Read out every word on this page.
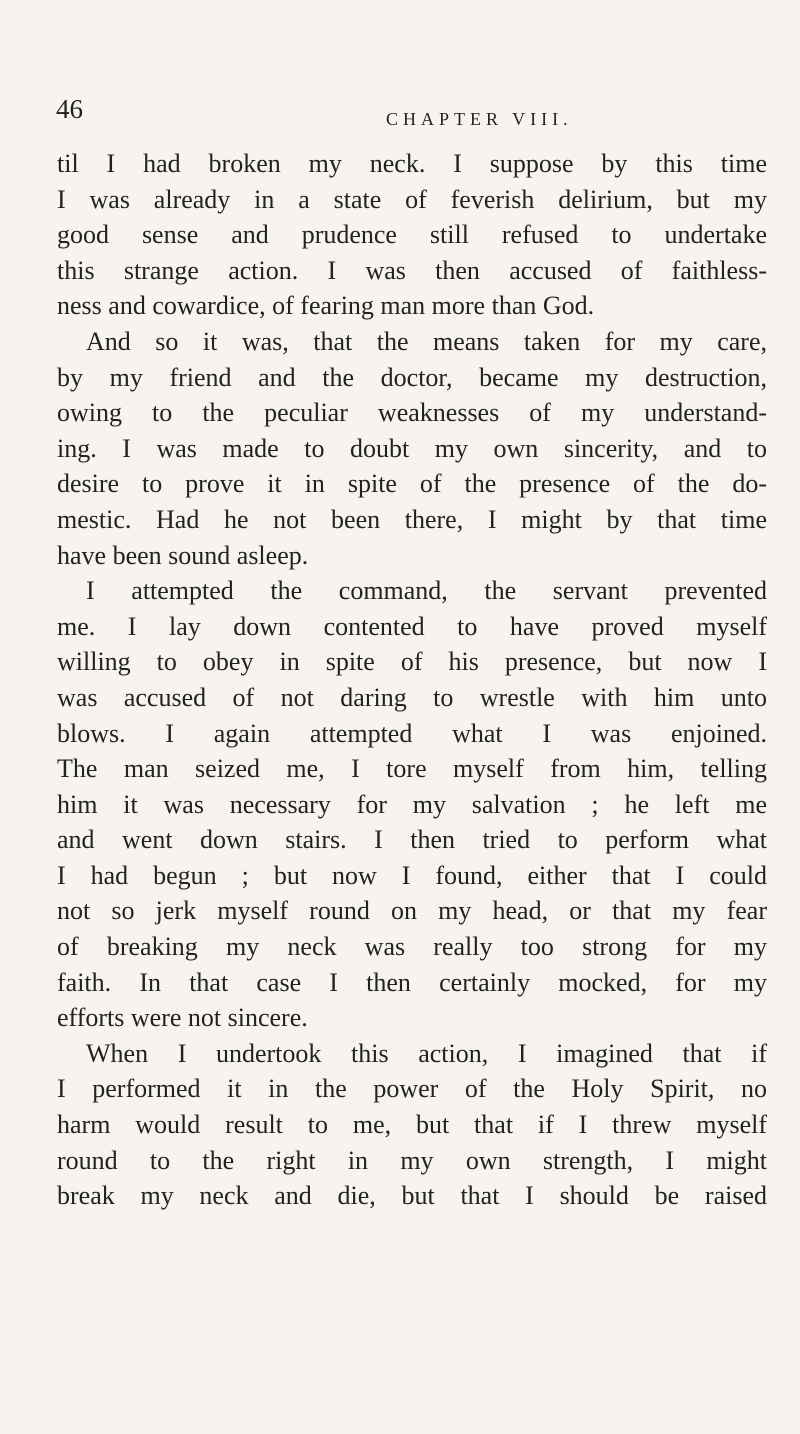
46	CHAPTER VIII.
til I had broken my neck. I suppose by this time
I was already in a state of feverish delirium, but my
good sense and prudence still refused to undertake
this strange action. I was then accused of faithless-
ness and cowardice, of fearing man more than God.
And so it was, that the means taken for my care,
by my friend and the doctor, became my destruction,
owing to the peculiar weaknesses of my understand-
ing. I was made to doubt my own sincerity, and to
desire to prove it in spite of the presence of the do-
mestic. Had he not been there, I might by that time
have been sound asleep.
I attempted the command, the servant prevented
me. I lay down contented to have proved myself
willing to obey in spite of his presence, but now I
was accused of not daring to wrestle with him unto
blows. I again attempted what I was enjoined.
The man seized me, I tore myself from him, telling
him it was necessary for my salvation ; he left me
and went down stairs. I then tried to perform what
I had begun ; but now I found, either that I could
not so jerk myself round on my head, or that my fear
of breaking my neck was really too strong for my
faith. In that case I then certainly mocked, for my
efforts were not sincere.
When I undertook this action, I imagined that if
I performed it in the power of the Holy Spirit, no
harm would result to me, but that if I threw myself
round to the right in my own strength, I might
break my neck and die, but that I should be raised
